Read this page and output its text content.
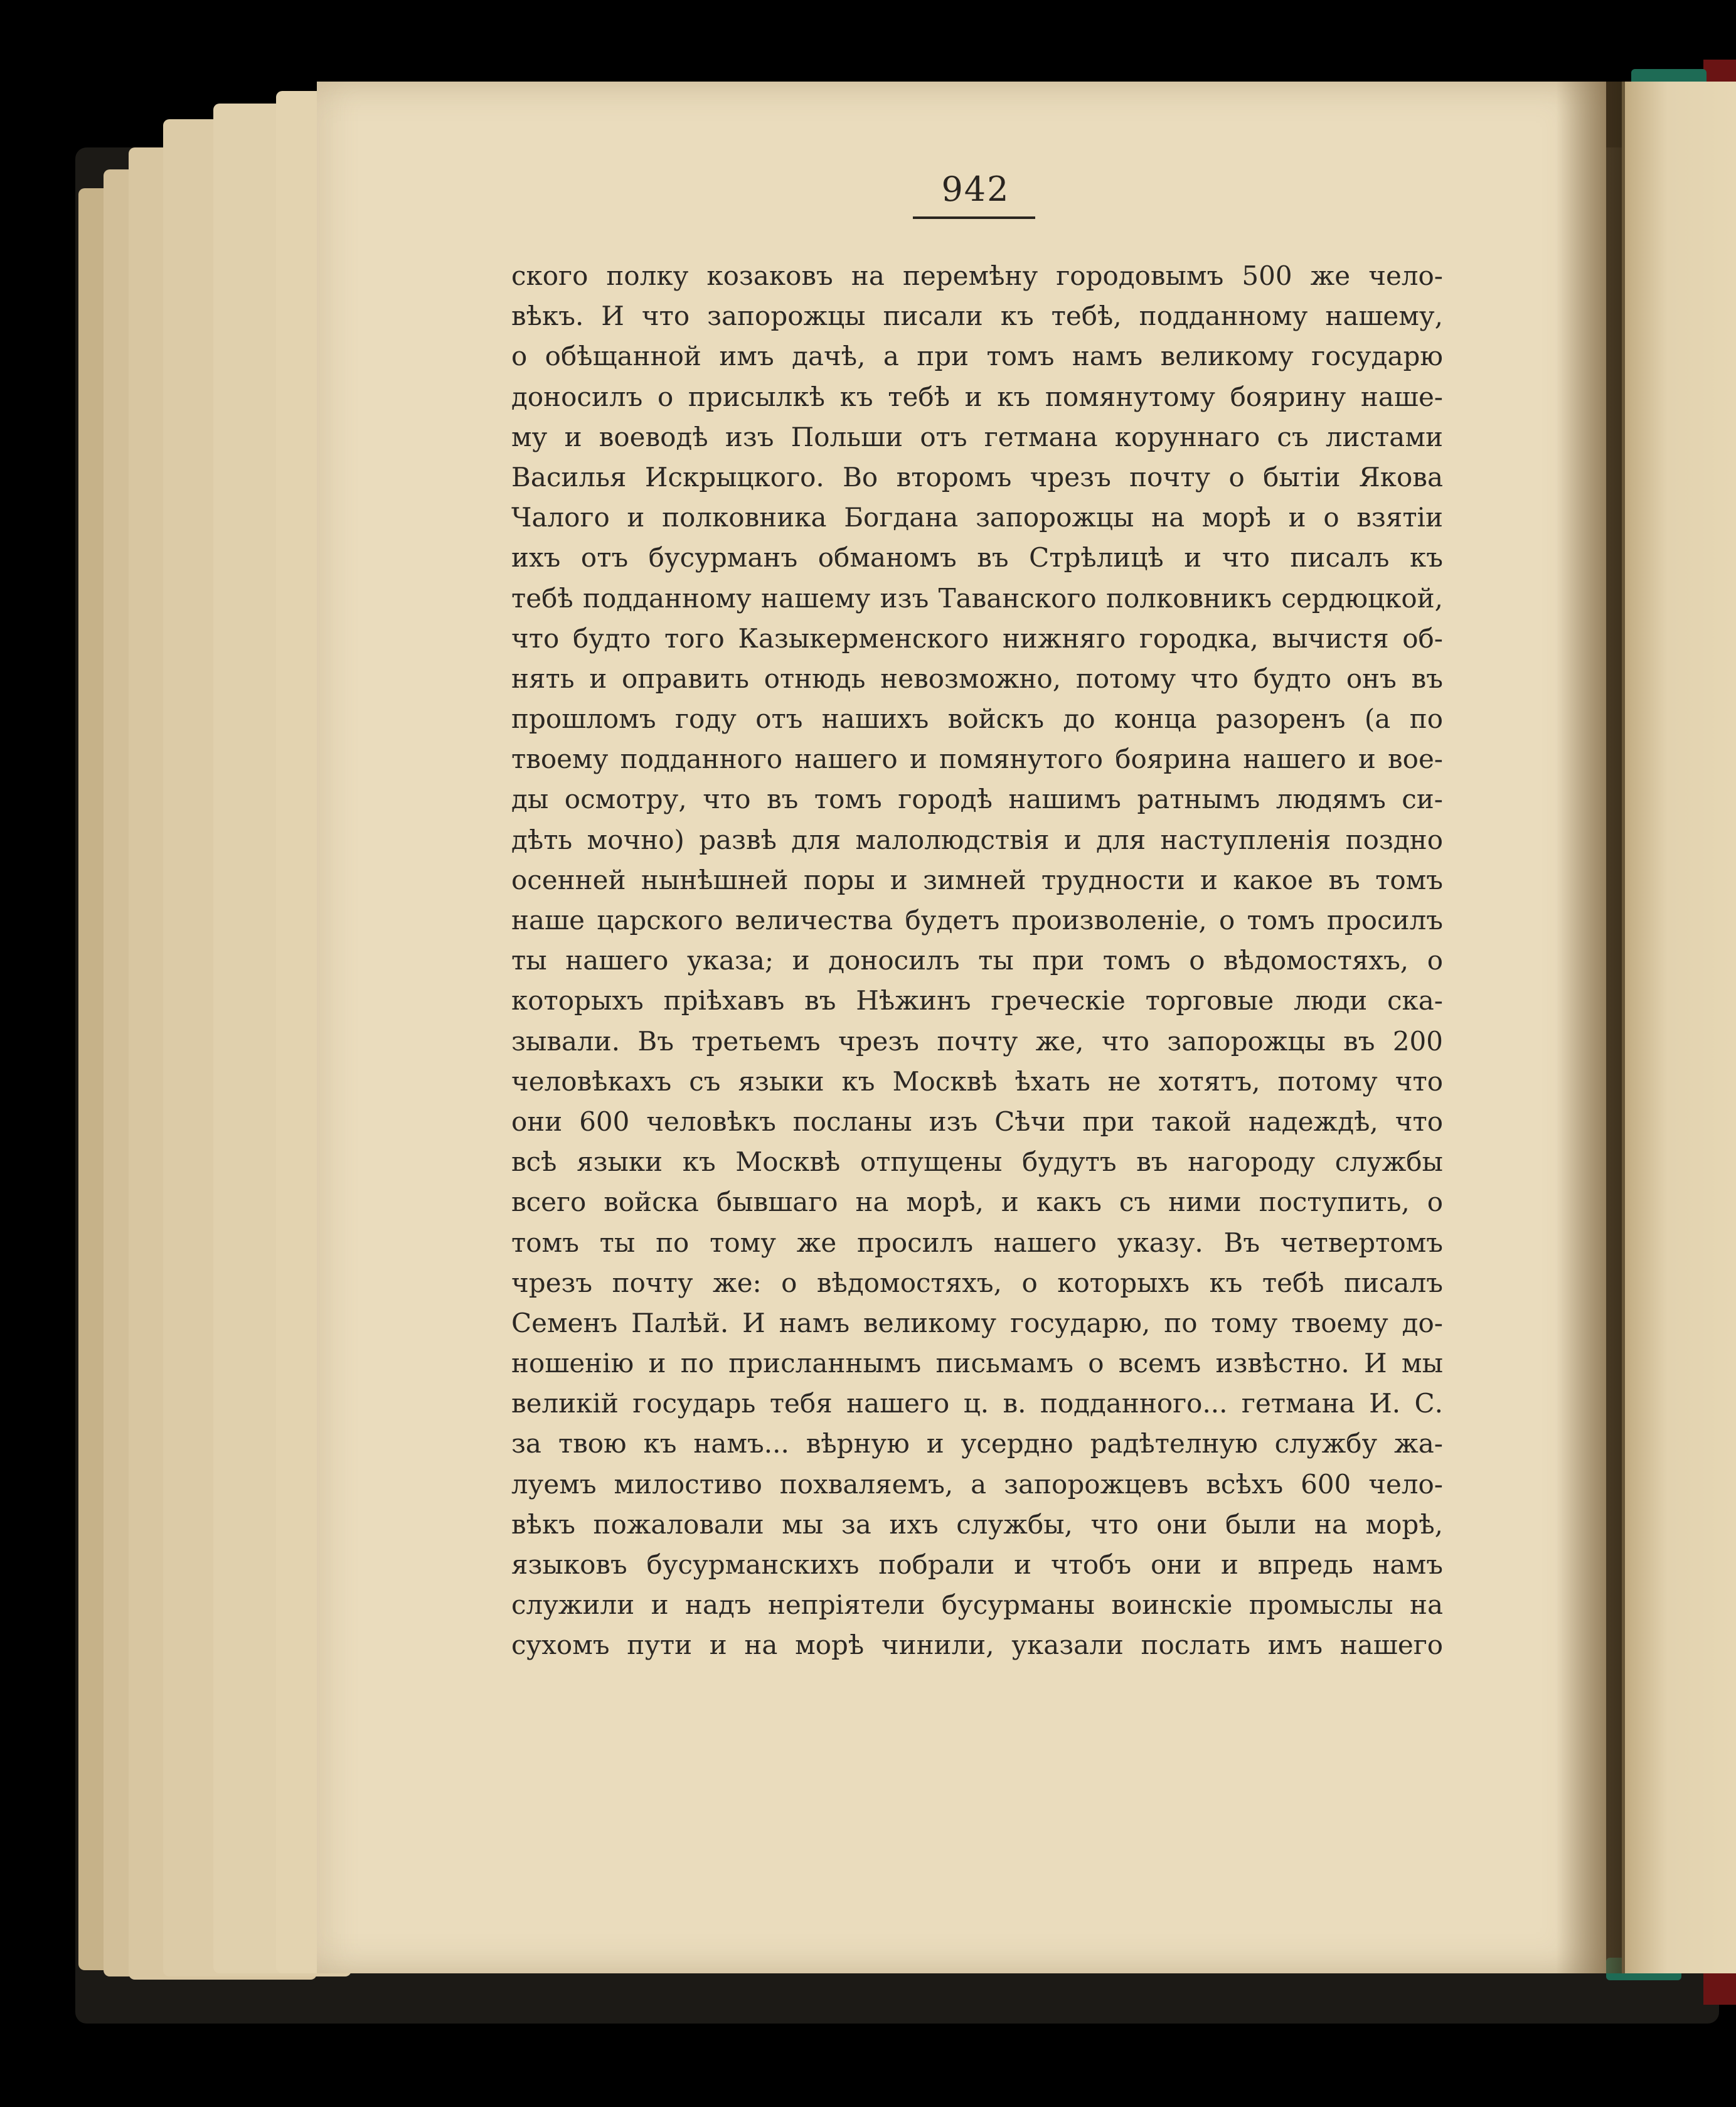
942
ского полку козаковъ на перемѣну городовымъ 500 же чело-
вѣкъ. И что запорожцы писали къ тебѣ, подданному нашему,
о обѣщанной имъ дачѣ, а при томъ намъ великому государю
доносилъ о присылкѣ къ тебѣ и къ помянутому боярину наше-
му и воеводѣ изъ Польши отъ гетмана коруннаго съ листами
Василья Искрыцкого. Во второмъ чрезъ почту о бытіи Якова
Чалого и полковника Богдана запорожцы на морѣ и о взятіи
ихъ отъ бусурманъ обманомъ въ Стрѣлицѣ и что писалъ къ
тебѣ подданному нашему изъ Таванского полковникъ сердюцкой,
что будто того Казыкерменского нижняго городка, вычистя об-
нять и оправить отнюдь невозможно, потому что будто онъ въ
прошломъ году отъ нашихъ войскъ до конца разоренъ (а по
твоему подданного нашего и помянутого боярина нашего и вое-
ды осмотру, что въ томъ городѣ нашимъ ратнымъ людямъ си-
дѣть мочно) развѣ для малолюдствія и для наступленія поздно
осенней нынѣшней поры и зимней трудности и какое въ томъ
наше царского величества будетъ произволеніе, о томъ просилъ
ты нашего указа; и доносилъ ты при томъ о вѣдомостяхъ, о
которыхъ пріѣхавъ въ Нѣжинъ греческіе торговые люди ска-
зывали. Въ третьемъ чрезъ почту же, что запорожцы въ 200
человѣкахъ съ языки къ Москвѣ ѣхать не хотятъ, потому что
они 600 человѣкъ посланы изъ Сѣчи при такой надеждѣ, что
всѣ языки къ Москвѣ отпущены будутъ въ нагороду службы
всего войска бывшаго на морѣ, и какъ съ ними поступить, о
томъ ты по тому же просилъ нашего указу. Въ четвертомъ
чрезъ почту же: о вѣдомостяхъ, о которыхъ къ тебѣ писалъ
Семенъ Палѣй. И намъ великому государю, по тому твоему до-
ношенію и по присланнымъ письмамъ о всемъ извѣстно. И мы
великій государь тебя нашего ц. в. подданного... гетмана И. С.
за твою къ намъ... вѣрную и усердно радѣтелную службу жа-
луемъ милостиво похваляемъ, а запорожцевъ всѣхъ 600 чело-
вѣкъ пожаловали мы за ихъ службы, что они были на морѣ,
языковъ бусурманскихъ побрали и чтобъ они и впредь намъ
служили и надъ непріятели бусурманы воинскіе промыслы на
сухомъ пути и на морѣ чинили, указали послать имъ нашего
